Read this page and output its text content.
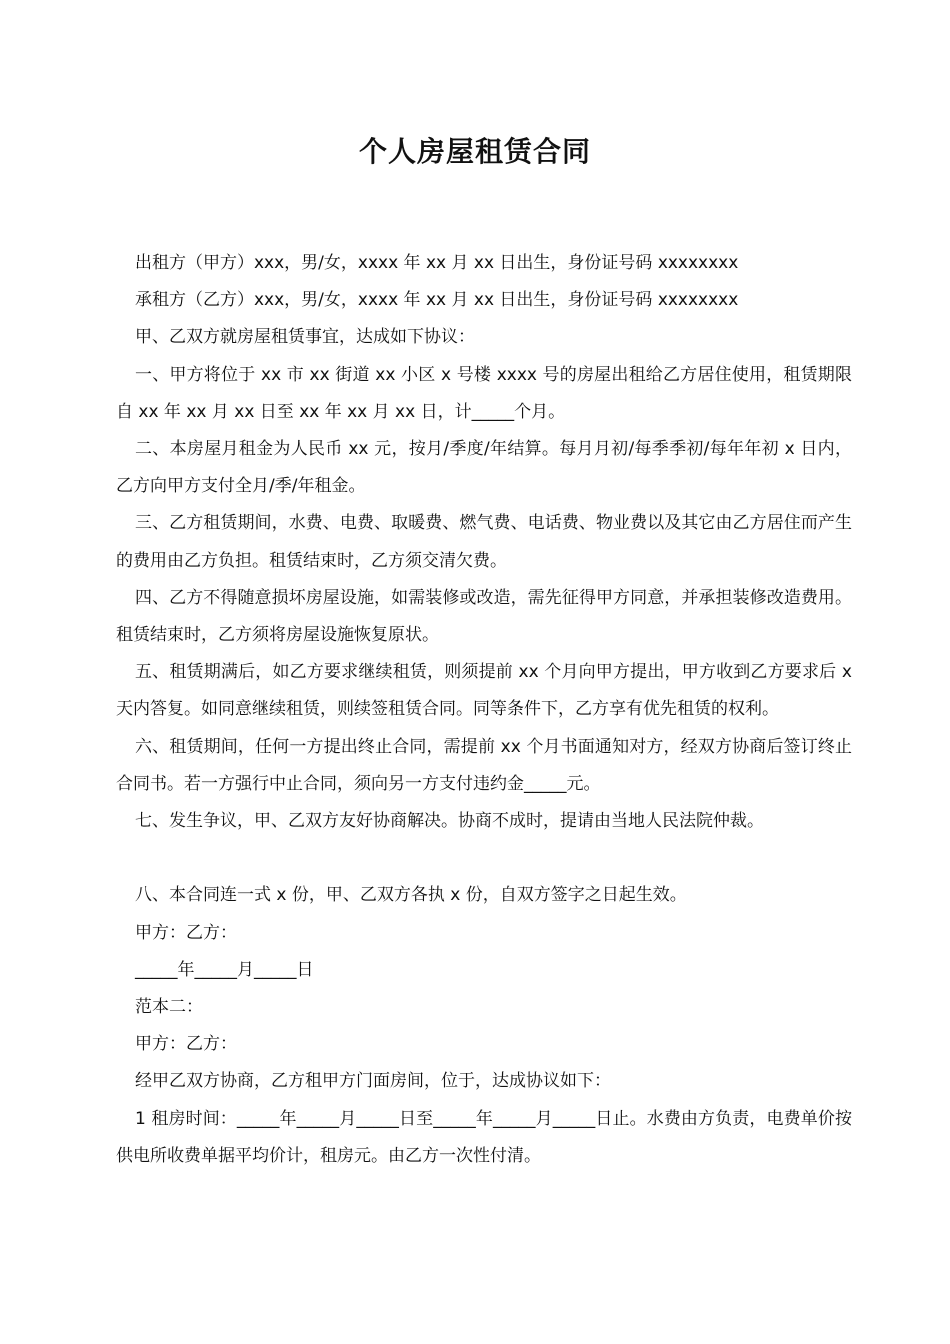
个人房屋租赁合同

出租方（甲方）xxx，男/女，xxxx 年 xx 月 xx 日出生，身份证号码 xxxxxxxx

承租方（乙方）xxx，男/女，xxxx 年 xx 月 xx 日出生，身份证号码 xxxxxxxx

甲、乙双方就房屋租赁事宜，达成如下协议：

一、甲方将位于 xx 市 xx 街道 xx 小区 x 号楼 xxxx 号的房屋出租给乙方居住使用，租赁期限自 xx 年 xx 月 xx 日至 xx 年 xx 月 xx 日，计_____个月。

二、本房屋月租金为人民币 xx 元，按月/季度/年结算。每月月初/每季季初/每年年初 x 日内，乙方向甲方支付全月/季/年租金。

三、乙方租赁期间，水费、电费、取暖费、燃气费、电话费、物业费以及其它由乙方居住而产生的费用由乙方负担。租赁结束时，乙方须交清欠费。

四、乙方不得随意损坏房屋设施，如需装修或改造，需先征得甲方同意，并承担装修改造费用。租赁结束时，乙方须将房屋设施恢复原状。

五、租赁期满后，如乙方要求继续租赁，则须提前 xx 个月向甲方提出，甲方收到乙方要求后 x 天内答复。如同意继续租赁，则续签租赁合同。同等条件下，乙方享有优先租赁的权利。

六、租赁期间，任何一方提出终止合同，需提前 xx 个月书面通知对方，经双方协商后签订终止合同书。若一方强行中止合同，须向另一方支付违约金_____元。

七、发生争议，甲、乙双方友好协商解决。协商不成时，提请由当地人民法院仲裁。

八、本合同连一式 x 份，甲、乙双方各执 x 份，自双方签字之日起生效。

甲方：乙方：

_____年_____月_____日

范本二：

甲方：乙方：

经甲乙双方协商，乙方租甲方门面房间，位于，达成协议如下：

1 租房时间：_____年_____月_____日至_____年_____月_____日止。水费由方负责，电费单价按供电所收费单据平均价计，租房元。由乙方一次性付清。
